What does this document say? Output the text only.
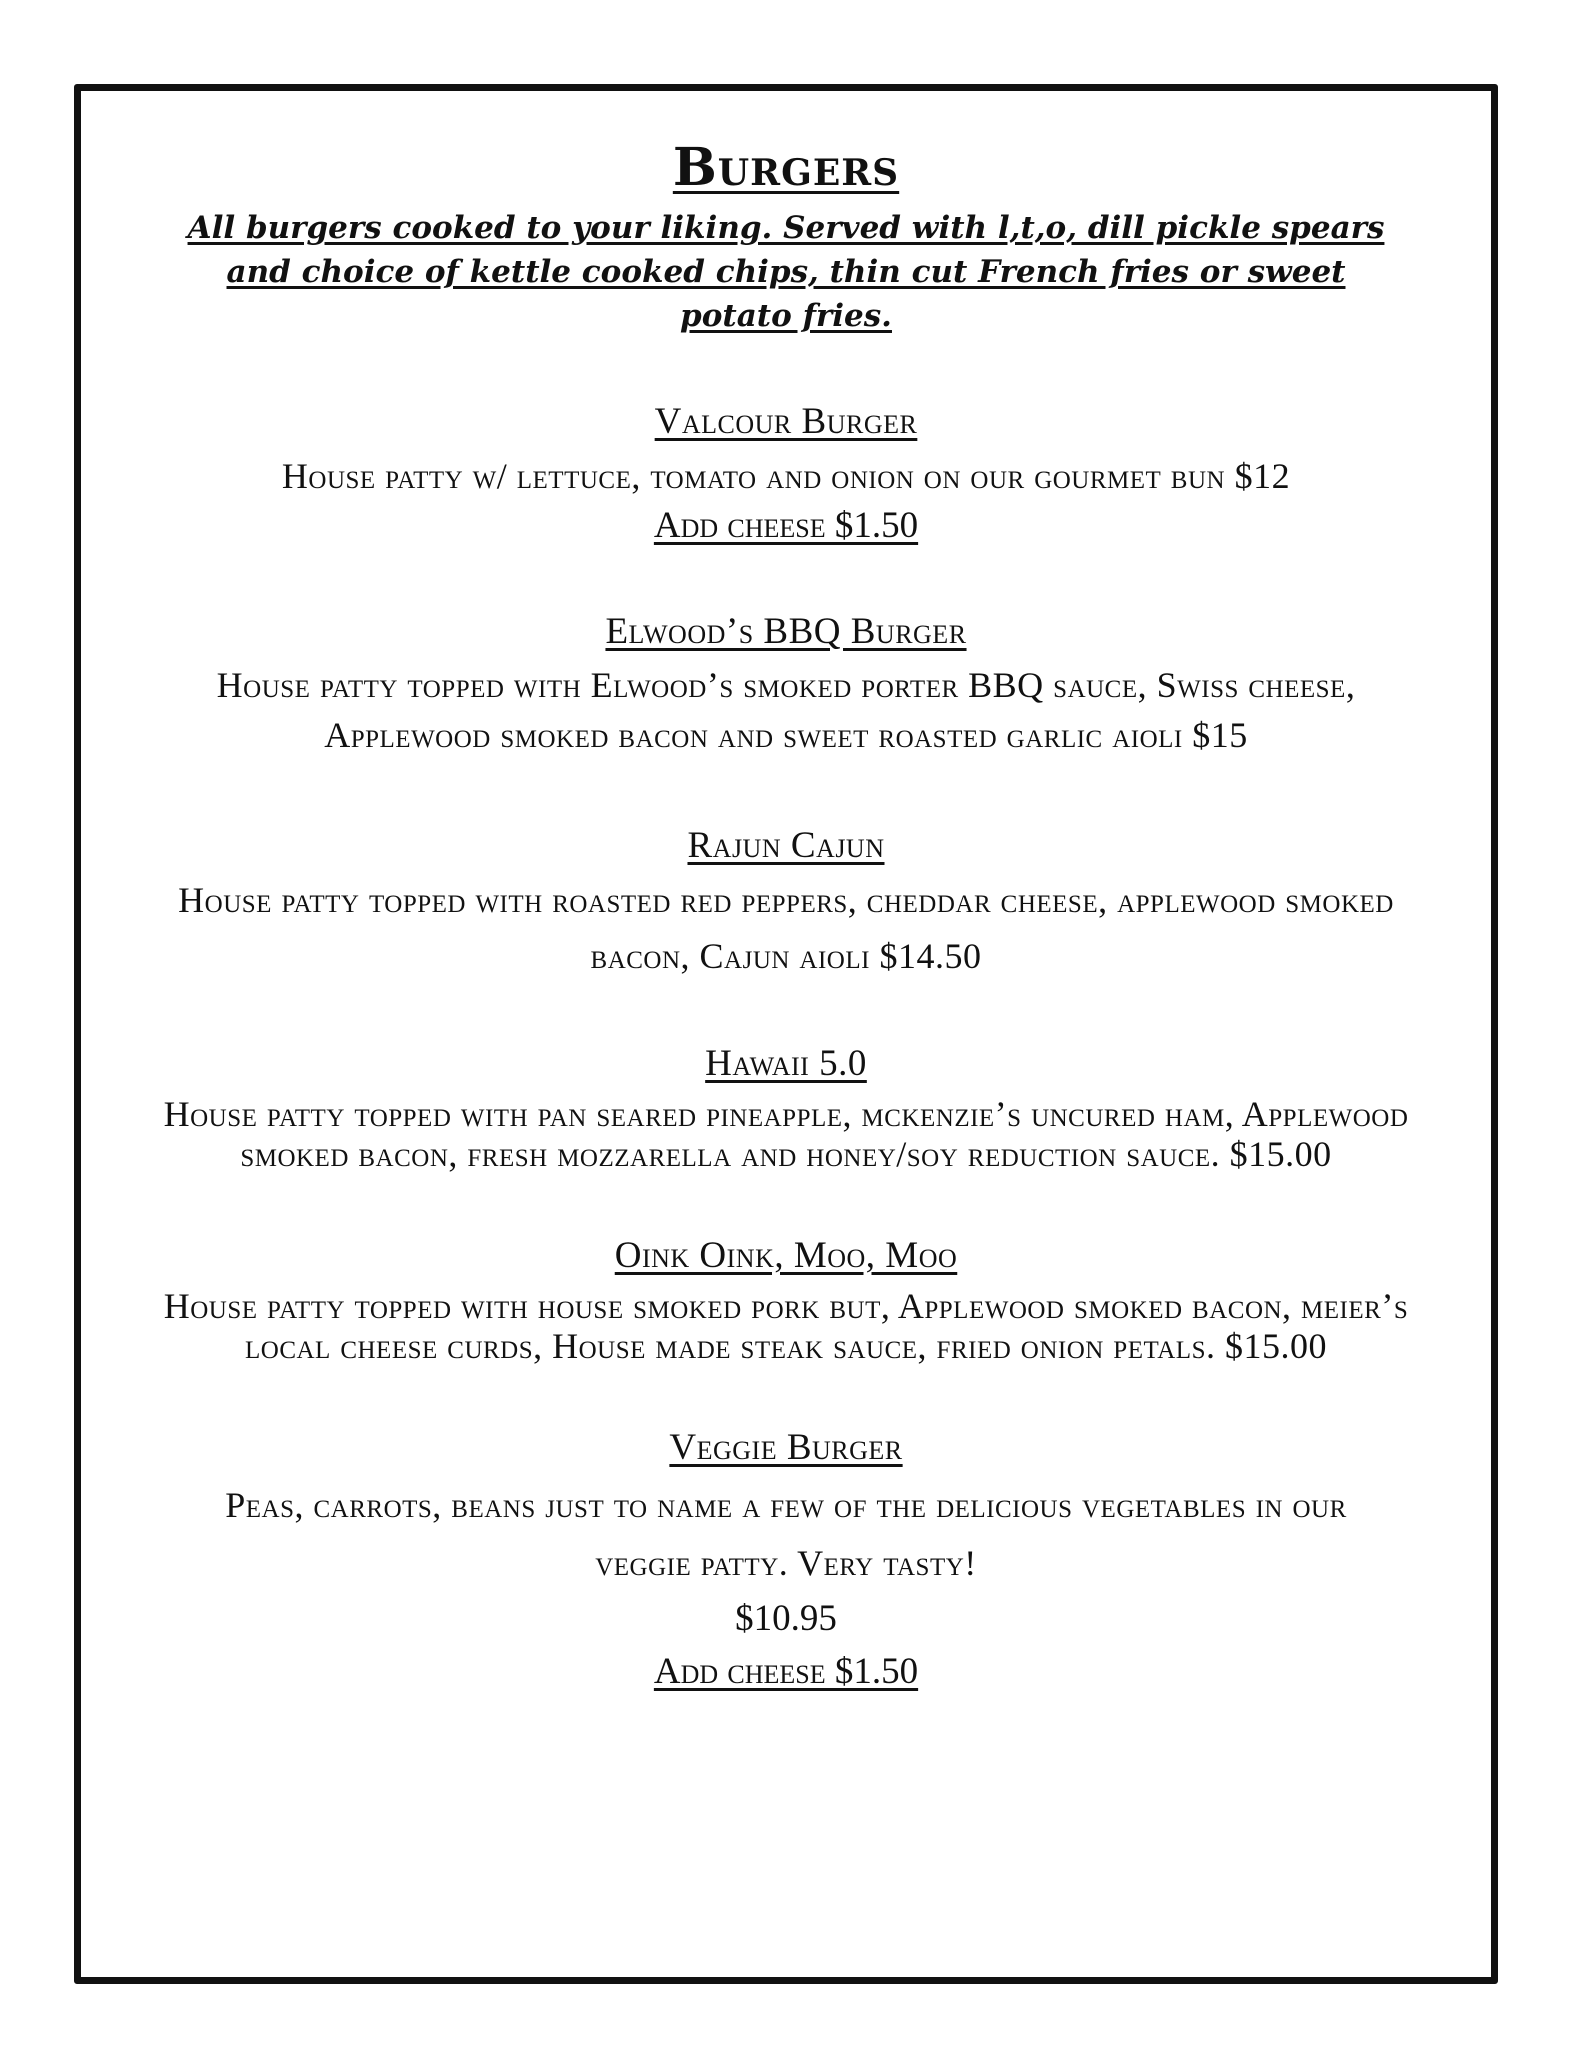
Burgers
All burgers cooked to your liking. Served with l,t,o, dill pickle spears and choice of kettle cooked chips, thin cut French fries or sweet potato fries.
Valcour Burger
House patty w/ lettuce, tomato and onion on our gourmet bun $12
Add cheese $1.50
Elwood’s BBQ Burger
House patty topped with Elwood’s smoked porter BBQ sauce, Swiss cheese, Applewood smoked bacon and sweet roasted garlic aioli $15
Rajun Cajun
House patty topped with roasted red peppers, cheddar cheese, applewood smoked bacon, Cajun aioli $14.50
Hawaii 5.0
House patty topped with pan seared pineapple, mckenzie’s uncured ham, Applewood smoked bacon, fresh mozzarella and honey/soy reduction sauce. $15.00
Oink Oink, Moo, Moo
House patty topped with house smoked pork but, Applewood smoked bacon, meier’s local cheese curds, House made steak sauce, fried onion petals. $15.00
Veggie Burger
Peas, carrots, beans just to name a few of the delicious vegetables in our veggie patty. Very tasty!
$10.95
Add cheese $1.50
